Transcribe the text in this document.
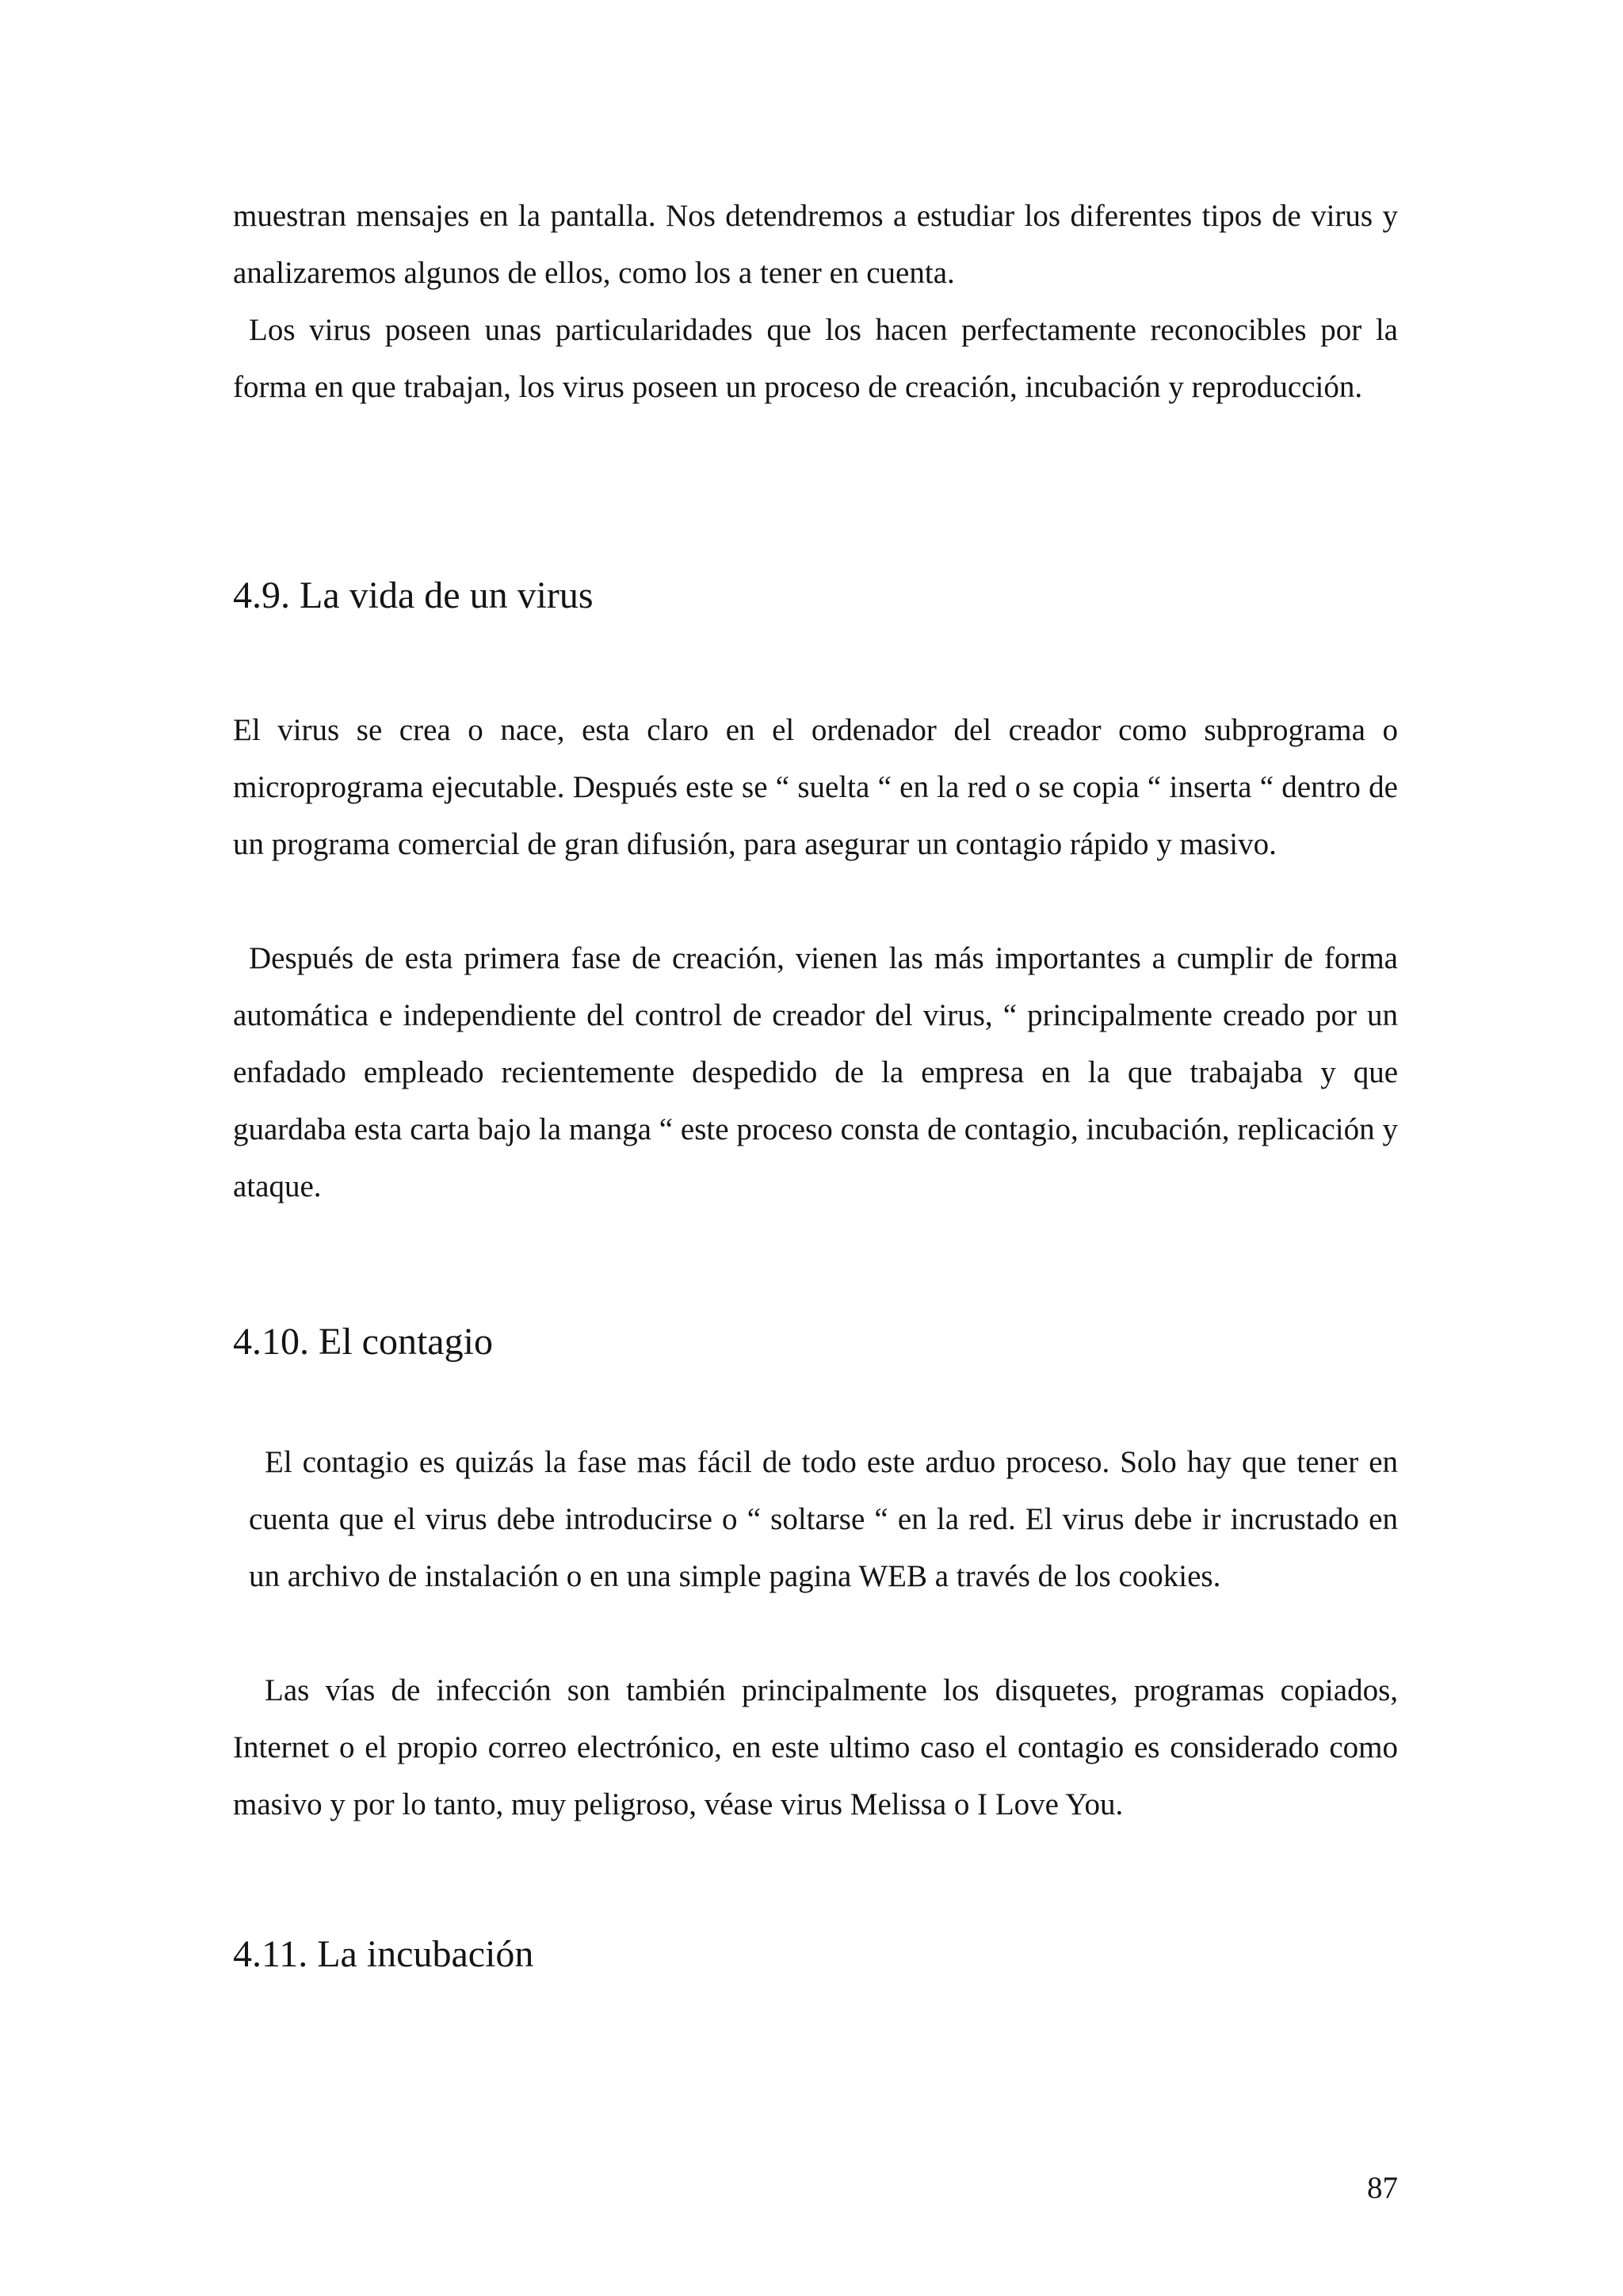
muestran mensajes en la pantalla. Nos detendremos a estudiar los diferentes tipos de virus y analizaremos algunos de ellos, como los a tener en cuenta.

Los virus poseen unas particularidades que los hacen perfectamente reconocibles por la forma en que trabajan, los virus poseen un proceso de creación, incubación y reproducción.

4.9. La vida de un virus

El virus se crea o nace, esta claro en el ordenador del creador como subprograma o microprograma ejecutable. Después este se “ suelta “ en la red o se copia “ inserta “ dentro de un programa comercial de gran difusión, para asegurar un contagio rápido y masivo.

Después de esta primera fase de creación, vienen las más importantes a cumplir de forma automática e independiente del control de creador del virus, “ principalmente creado por un enfadado empleado recientemente despedido de la empresa en la que trabajaba y que guardaba esta carta bajo la manga “ este proceso consta de contagio, incubación, replicación y ataque.

4.10. El contagio

El contagio es quizás la fase mas fácil de todo este arduo proceso. Solo hay que tener en cuenta que el virus debe introducirse o “ soltarse “ en la red. El virus debe ir incrustado en un archivo de instalación o en una simple pagina WEB a través de los cookies.

Las vías de infección son también principalmente los disquetes, programas copiados, Internet o el propio correo electrónico, en este ultimo caso el contagio es considerado como masivo y por lo tanto, muy peligroso, véase virus Melissa o I Love You.

4.11. La incubación
87
